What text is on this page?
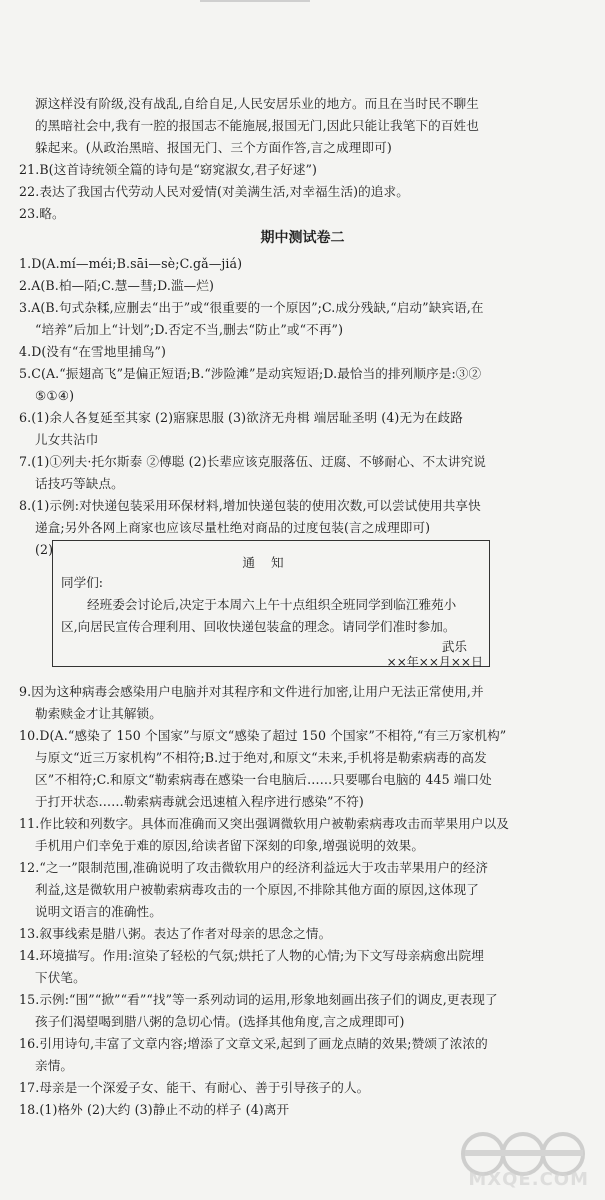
源这样没有阶级,没有战乱,自给自足,人民安居乐业的地方。而且在当时民不聊生
的黑暗社会中,我有一腔的报国志不能施展,报国无门,因此只能让我笔下的百姓也
躲起来。(从政治黑暗、报国无门、三个方面作答,言之成理即可)
21.B(这首诗统领全篇的诗句是“窈窕淑女,君子好逑”)
22.表达了我国古代劳动人民对爱情(对美满生活,对幸福生活)的追求。
23.略。
期中测试卷二
1.D(A.mí—méi;B.sāi—sè;C.gǎ—jiá)
2.A(B.柏—陌;C.慧—彗;D.滥—烂)
3.A(B.句式杂糅,应删去“出于”或“很重要的一个原因”;C.成分残缺,“启动”缺宾语,在
“培养”后加上“计划”;D.否定不当,删去“防止”或“不再”)
4.D(没有“在雪地里捕鸟”)
5.C(A.“振翅高飞”是偏正短语;B.“涉险滩”是动宾短语;D.最恰当的排列顺序是:③②
⑤①④)
6.(1)余人各复延至其家 (2)寤寐思服 (3)欲济无舟楫 端居耻圣明 (4)无为在歧路
儿女共沾巾
7.(1)①列夫·托尔斯泰 ②傅聪 (2)长辈应该克服落伍、迂腐、不够耐心、不太讲究说
话技巧等缺点。
8.(1)示例:对快递包装采用环保材料,增加快递包装的使用次数,可以尝试使用共享快
递盒;另外各网上商家也应该尽量杜绝对商品的过度包装(言之成理即可)
(2)
通知
同学们:
经班委会讨论后,决定于本周六上午十点组织全班同学到临江雅苑小
区,向居民宣传合理利用、回收快递包装盒的理念。请同学们准时参加。
武乐
××年××月××日
9.因为这种病毒会感染用户电脑并对其程序和文件进行加密,让用户无法正常使用,并
勒索赎金才让其解锁。
10.D(A.“感染了 150 个国家”与原文“感染了超过 150 个国家”不相符,“有三万家机构”
与原文“近三万家机构”不相符;B.过于绝对,和原文“未来,手机将是勒索病毒的高发
区”不相符;C.和原文“勒索病毒在感染一台电脑后……只要哪台电脑的 445 端口处
于打开状态……勒索病毒就会迅速植入程序进行感染”不符)
11.作比较和列数字。具体而准确而又突出强调微软用户被勒索病毒攻击而苹果用户以及
手机用户们幸免于难的原因,给读者留下深刻的印象,增强说明的效果。
12.“之一”限制范围,准确说明了攻击微软用户的经济利益远大于攻击苹果用户的经济
利益,这是微软用户被勒索病毒攻击的一个原因,不排除其他方面的原因,这体现了
说明文语言的准确性。
13.叙事线索是腊八粥。表达了作者对母亲的思念之情。
14.环境描写。作用:渲染了轻松的气氛;烘托了人物的心情;为下文写母亲病愈出院埋
下伏笔。
15.示例:“围”“掀”“看”“找”等一系列动词的运用,形象地刻画出孩子们的调皮,更表现了
孩子们渴望喝到腊八粥的急切心情。(选择其他角度,言之成理即可)
16.引用诗句,丰富了文章内容;增添了文章文采,起到了画龙点睛的效果;赞颂了浓浓的
亲情。
17.母亲是一个深爱子女、能干、有耐心、善于引导孩子的人。
18.(1)格外 (2)大约 (3)静止不动的样子 (4)离开
MXQE.COM
